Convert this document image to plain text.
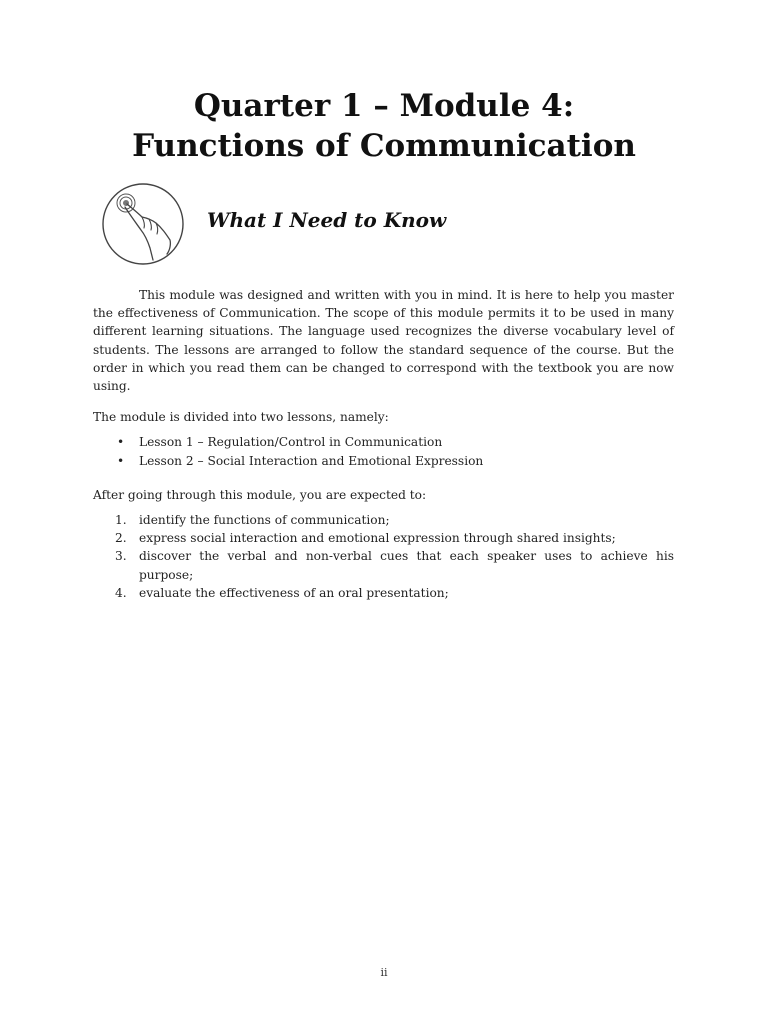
Quarter 1 – Module 4:
Functions of Communication
What I Need to Know
This module was designed and written with you in mind. It is here to help you master the effectiveness of Communication. The scope of this module permits it to be used in many different learning situations. The language used recognizes the diverse vocabulary level of students. The lessons are arranged to follow the standard sequence of the course. But the order in which you read them can be changed to correspond with the textbook you are now using.
The module is divided into two lessons, namely:
• Lesson 1 – Regulation/Control in Communication
• Lesson 2 – Social Interaction and Emotional Expression
After going through this module, you are expected to:
1. identify the functions of communication;
2. express social interaction and emotional expression through shared insights;
3. discover the verbal and non-verbal cues that each speaker uses to achieve his purpose;
4. evaluate the effectiveness of an oral presentation;
ii
